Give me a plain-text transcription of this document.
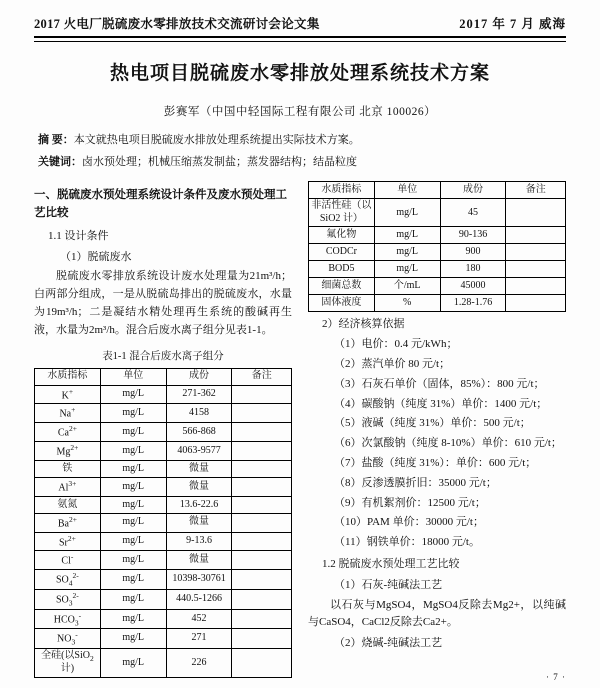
2017 火电厂脱硫废水零排放技术交流研讨会论文集	2017 年 7 月 威海
热电项目脱硫废水零排放处理系统技术方案
彭赛军（中国中轻国际工程有限公司 北京 100026）
摘 要：本文就热电项目脱硫废水排放处理系统提出实际技术方案。
关键词：卤水预处理；机械压缩蒸发制盐；蒸发器结构；结晶粒度
一、脱硫废水预处理系统设计条件及废水预处理工艺比较
1.1 设计条件
（1）脱硫废水

脱硫废水零排放系统设计废水处理量为21m³/h；白两部分组成，一是从脱硫岛排出的脱硫废水，水量为19m³/h；二是凝结水精处理再生系统的酸碱再生液，水量为2m³/h。混合后废水离子组分见表1-1。

表1-1 混合后废水离子组分
水质指标	单位	成份	备注
K+	mg/L	271-362	
Na+	mg/L	4158	
$Ca^{2+}$	mg/L	566-868	
$Mg^{2+}$	mg/L	4063-9577	
铁	mg/L	微量	
$Al^{3+}$	mg/L	微量	
氨氮	mg/L	13.6-22.6	
$Ba^{2+}$	mg/L	微量	
$Sr^{2+}$	mg/L	9-13.6	
Cl-	mg/L	微量	
$SO_4^{2-}$	mg/L	10398-30761	
$SO_3^{2-}$	mg/L	440.5-1266	
$HCO_3^-$	mg/L	452	
$NO_3^-$	mg/L	271	
全硅(以SiO$_2$计)	mg/L	226	
水质指标	单位	成份	备注
非活性硅（以 SiO2 计）	mg/L	45	
氟化物	mg/L	90-136	
CODCr	mg/L	900	
BOD5	mg/L	180	
细菌总数	个/mL	45000	
固体液度	%	1.28-1.76	
2）经济核算依据
（1）电价：0.4 元/kWh；
（2）蒸汽单价 80 元/t；
（3）石灰石单价（固体，85%）：800 元/t；
（4）碳酸钠（纯度 31%）单价：1400 元/t；
（5）液碱（纯度 31%）单价：500 元/t；
（6）次氯酸钠（纯度 8-10%）单价：610 元/t；
（7）盐酸（纯度 31%）：单价：600 元/t；
（8）反渗透膜折旧：35000 元/t；
（9）有机絮剂价：12500 元/t；
（10）PAM 单价：30000 元/t；
（11）钢铁单价：18000 元/t。
1.2 脱硫废水预处理工艺比较
（1）石灰-纯碱法工艺

以石灰与MgSO4，MgSO4反除去Mg2+，以纯碱与CaSO4，CaCl2反除去Ca2+。

（2）烧碱-纯碱法工艺
· 7 ·
